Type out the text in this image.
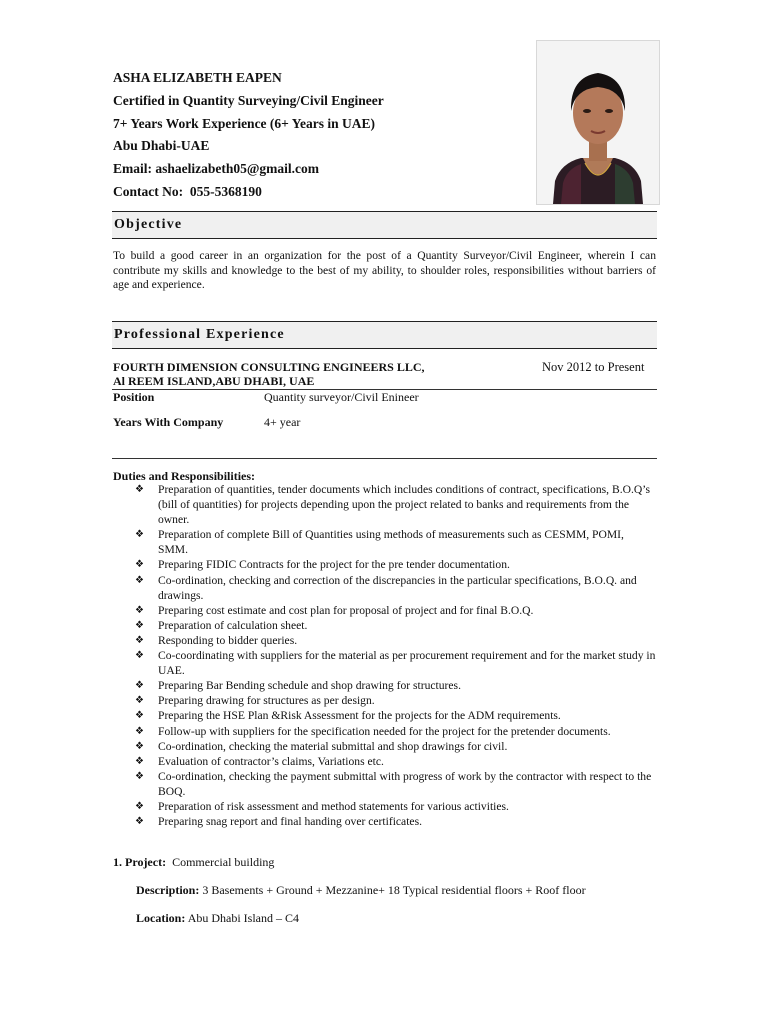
ASHA ELIZABETH EAPEN
Certified in Quantity Surveying/Civil Engineer
7+ Years Work Experience (6+ Years in UAE)
Abu Dhabi-UAE
Email: ashaelizabeth05@gmail.com
Contact No: 055-5368190
Objective
To build a good career in an organization for the post of a Quantity Surveyor/Civil Engineer, wherein I can contribute my skills and knowledge to the best of my ability, to shoulder roles, responsibilities without barriers of age and experience.
Professional Experience
FOURTH DIMENSION CONSULTING ENGINEERS LLC,
Al REEM ISLAND,ABU DHABI, UAE
Nov 2012 to Present
Position	Quantity surveyor/Civil Enineer
Years With Company	4+ year
Duties and Responsibilities:
❖ Preparation of quantities, tender documents which includes conditions of contract, specifications, B.O.Q’s (bill of quantities) for projects depending upon the project related to banks and requirements from the owner.
❖ Preparation of complete Bill of Quantities using methods of measurements such as CESMM, POMI, SMM.
❖ Preparing FIDIC Contracts for the project for the pre tender documentation.
❖ Co-ordination, checking and correction of the discrepancies in the particular specifications, B.O.Q. and drawings.
❖ Preparing cost estimate and cost plan for proposal of project and for final B.O.Q.
❖ Preparation of calculation sheet.
❖ Responding to bidder queries.
❖ Co-coordinating with suppliers for the material as per procurement requirement and for the market study in UAE.
❖ Preparing Bar Bending schedule and shop drawing for structures.
❖ Preparing drawing for structures as per design.
❖ Preparing the HSE Plan &Risk Assessment for the projects for the ADM requirements.
❖ Follow-up with suppliers for the specification needed for the project for the pretender documents.
❖ Co-ordination, checking the material submittal and shop drawings for civil.
❖ Evaluation of contractor’s claims, Variations etc.
❖ Co-ordination, checking the payment submittal with progress of work by the contractor with respect to the BOQ.
❖ Preparation of risk assessment and method statements for various activities.
❖ Preparing snag report and final handing over certificates.
1. Project: Commercial building
Description: 3 Basements + Ground + Mezzanine+ 18 Typical residential floors + Roof floor
Location: Abu Dhabi Island – C4
